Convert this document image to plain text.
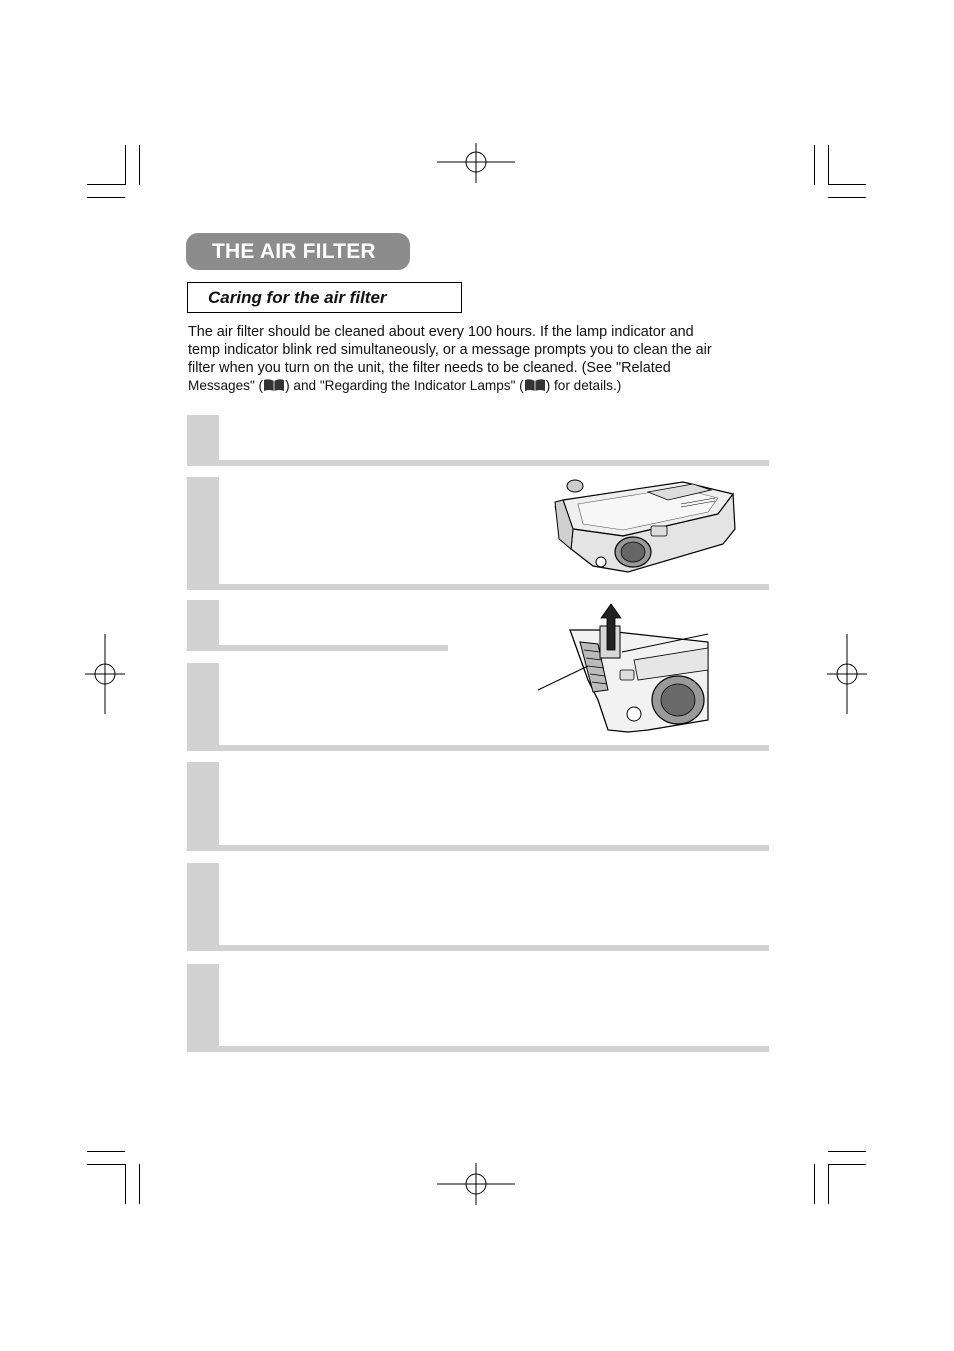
THE AIR FILTER
Caring for the air filter
The air filter should be cleaned about every 100 hours. If the lamp indicator and
temp indicator blink red simultaneously, or a message prompts you to clean the air
filter when you turn on the unit, the filter needs to be cleaned. (See "Related
Messages" ( ) and "Regarding the Indicator Lamps" ( ) for details.)
